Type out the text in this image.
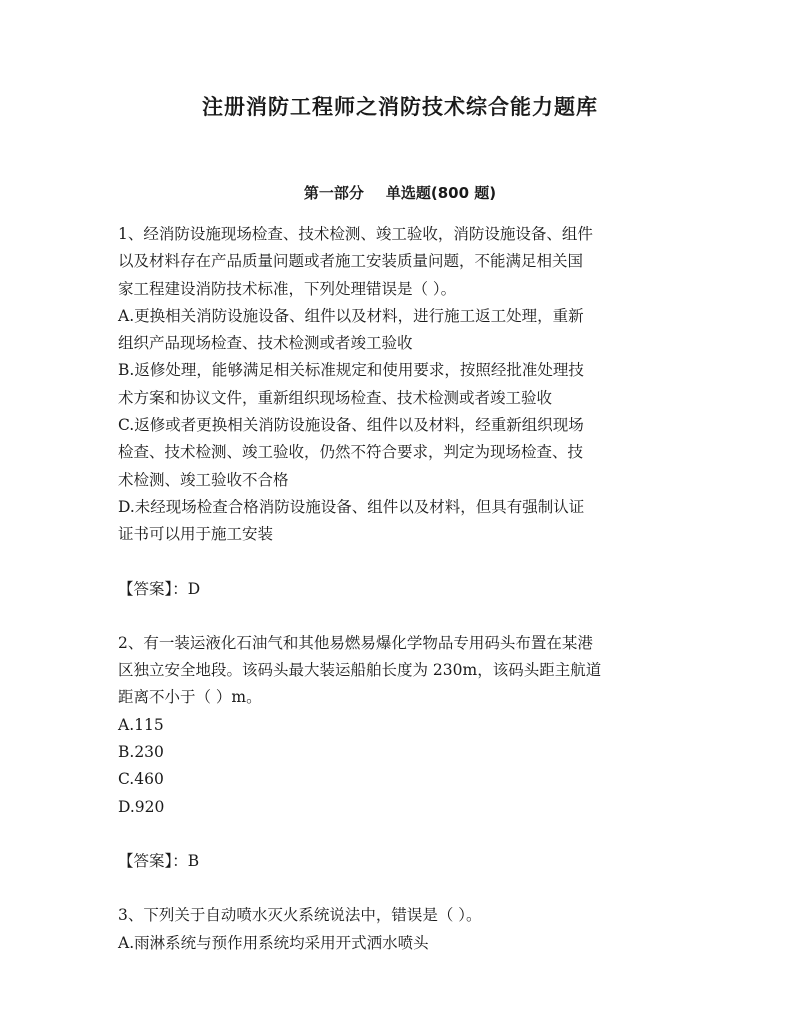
注册消防工程师之消防技术综合能力题库
第一部分 单选题(800 题)
1、经消防设施现场检查、技术检测、竣工验收，消防设施设备、组件
以及材料存在产品质量问题或者施工安装质量问题，不能满足相关国
家工程建设消防技术标准，下列处理错误是（ ）。
A.更换相关消防设施设备、组件以及材料，进行施工返工处理，重新
组织产品现场检查、技术检测或者竣工验收
B.返修处理，能够满足相关标准规定和使用要求，按照经批准处理技
术方案和协议文件，重新组织现场检查、技术检测或者竣工验收
C.返修或者更换相关消防设施设备、组件以及材料，经重新组织现场
检查、技术检测、竣工验收，仍然不符合要求，判定为现场检查、技
术检测、竣工验收不合格
D.未经现场检查合格消防设施设备、组件以及材料，但具有强制认证
证书可以用于施工安装
【答案】：D
2、有一装运液化石油气和其他易燃易爆化学物品专用码头布置在某港
区独立安全地段。该码头最大装运船舶长度为 230m，该码头距主航道
距离不小于（ ）m。
A.115
B.230
C.460
D.920
【答案】：B
3、下列关于自动喷水灭火系统说法中，错误是（ ）。
A.雨淋系统与预作用系统均采用开式洒水喷头
